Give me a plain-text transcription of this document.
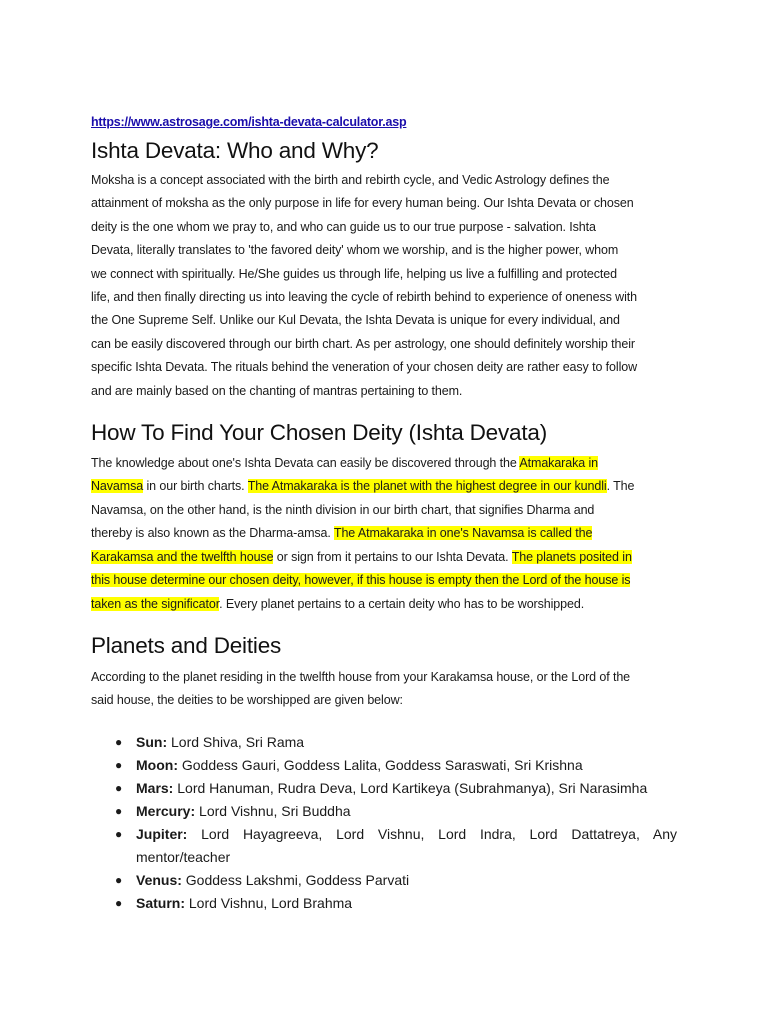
https://www.astrosage.com/ishta-devata-calculator.asp
Ishta Devata: Who and Why?

Moksha is a concept associated with the birth and rebirth cycle, and Vedic Astrology defines the

attainment of moksha as the only purpose in life for every human being. Our Ishta Devata or chosen

deity is the one whom we pray to, and who can guide us to our true purpose - salvation. Ishta

Devata, literally translates to 'the favored deity' whom we worship, and is the higher power, whom

we connect with spiritually. He/She guides us through life, helping us live a fulfilling and protected

life, and then finally directing us into leaving the cycle of rebirth behind to experience of oneness with

the One Supreme Self. Unlike our Kul Devata, the Ishta Devata is unique for every individual, and

can be easily discovered through our birth chart. As per astrology, one should definitely worship their

specific Ishta Devata. The rituals behind the veneration of your chosen deity are rather easy to follow

and are mainly based on the chanting of mantras pertaining to them.

How To Find Your Chosen Deity (Ishta Devata)

The knowledge about one's Ishta Devata can easily be discovered through the Atmakaraka in

Navamsa in our birth charts. The Atmakaraka is the planet with the highest degree in our kundli. The

Navamsa, on the other hand, is the ninth division in our birth chart, that signifies Dharma and

thereby is also known as the Dharma-amsa. The Atmakaraka in one's Navamsa is called the

Karakamsa and the twelfth house or sign from it pertains to our Ishta Devata. The planets posited in

this house determine our chosen deity, however, if this house is empty then the Lord of the house is

taken as the significator. Every planet pertains to a certain deity who has to be worshipped.

Planets and Deities

According to the planet residing in the twelfth house from your Karakamsa house, or the Lord of the

said house, the deities to be worshipped are given below:

● Sun: Lord Shiva, Sri Rama
● Moon: Goddess Gauri, Goddess Lalita, Goddess Saraswati, Sri Krishna
● Mars: Lord Hanuman, Rudra Deva, Lord Kartikeya (Subrahmanya), Sri Narasimha
● Mercury: Lord Vishnu, Sri Buddha
● Jupiter: Lord Hayagreeva, Lord Vishnu, Lord Indra, Lord Dattatreya, Any mentor/teacher
● Venus: Goddess Lakshmi, Goddess Parvati
● Saturn: Lord Vishnu, Lord Brahma
